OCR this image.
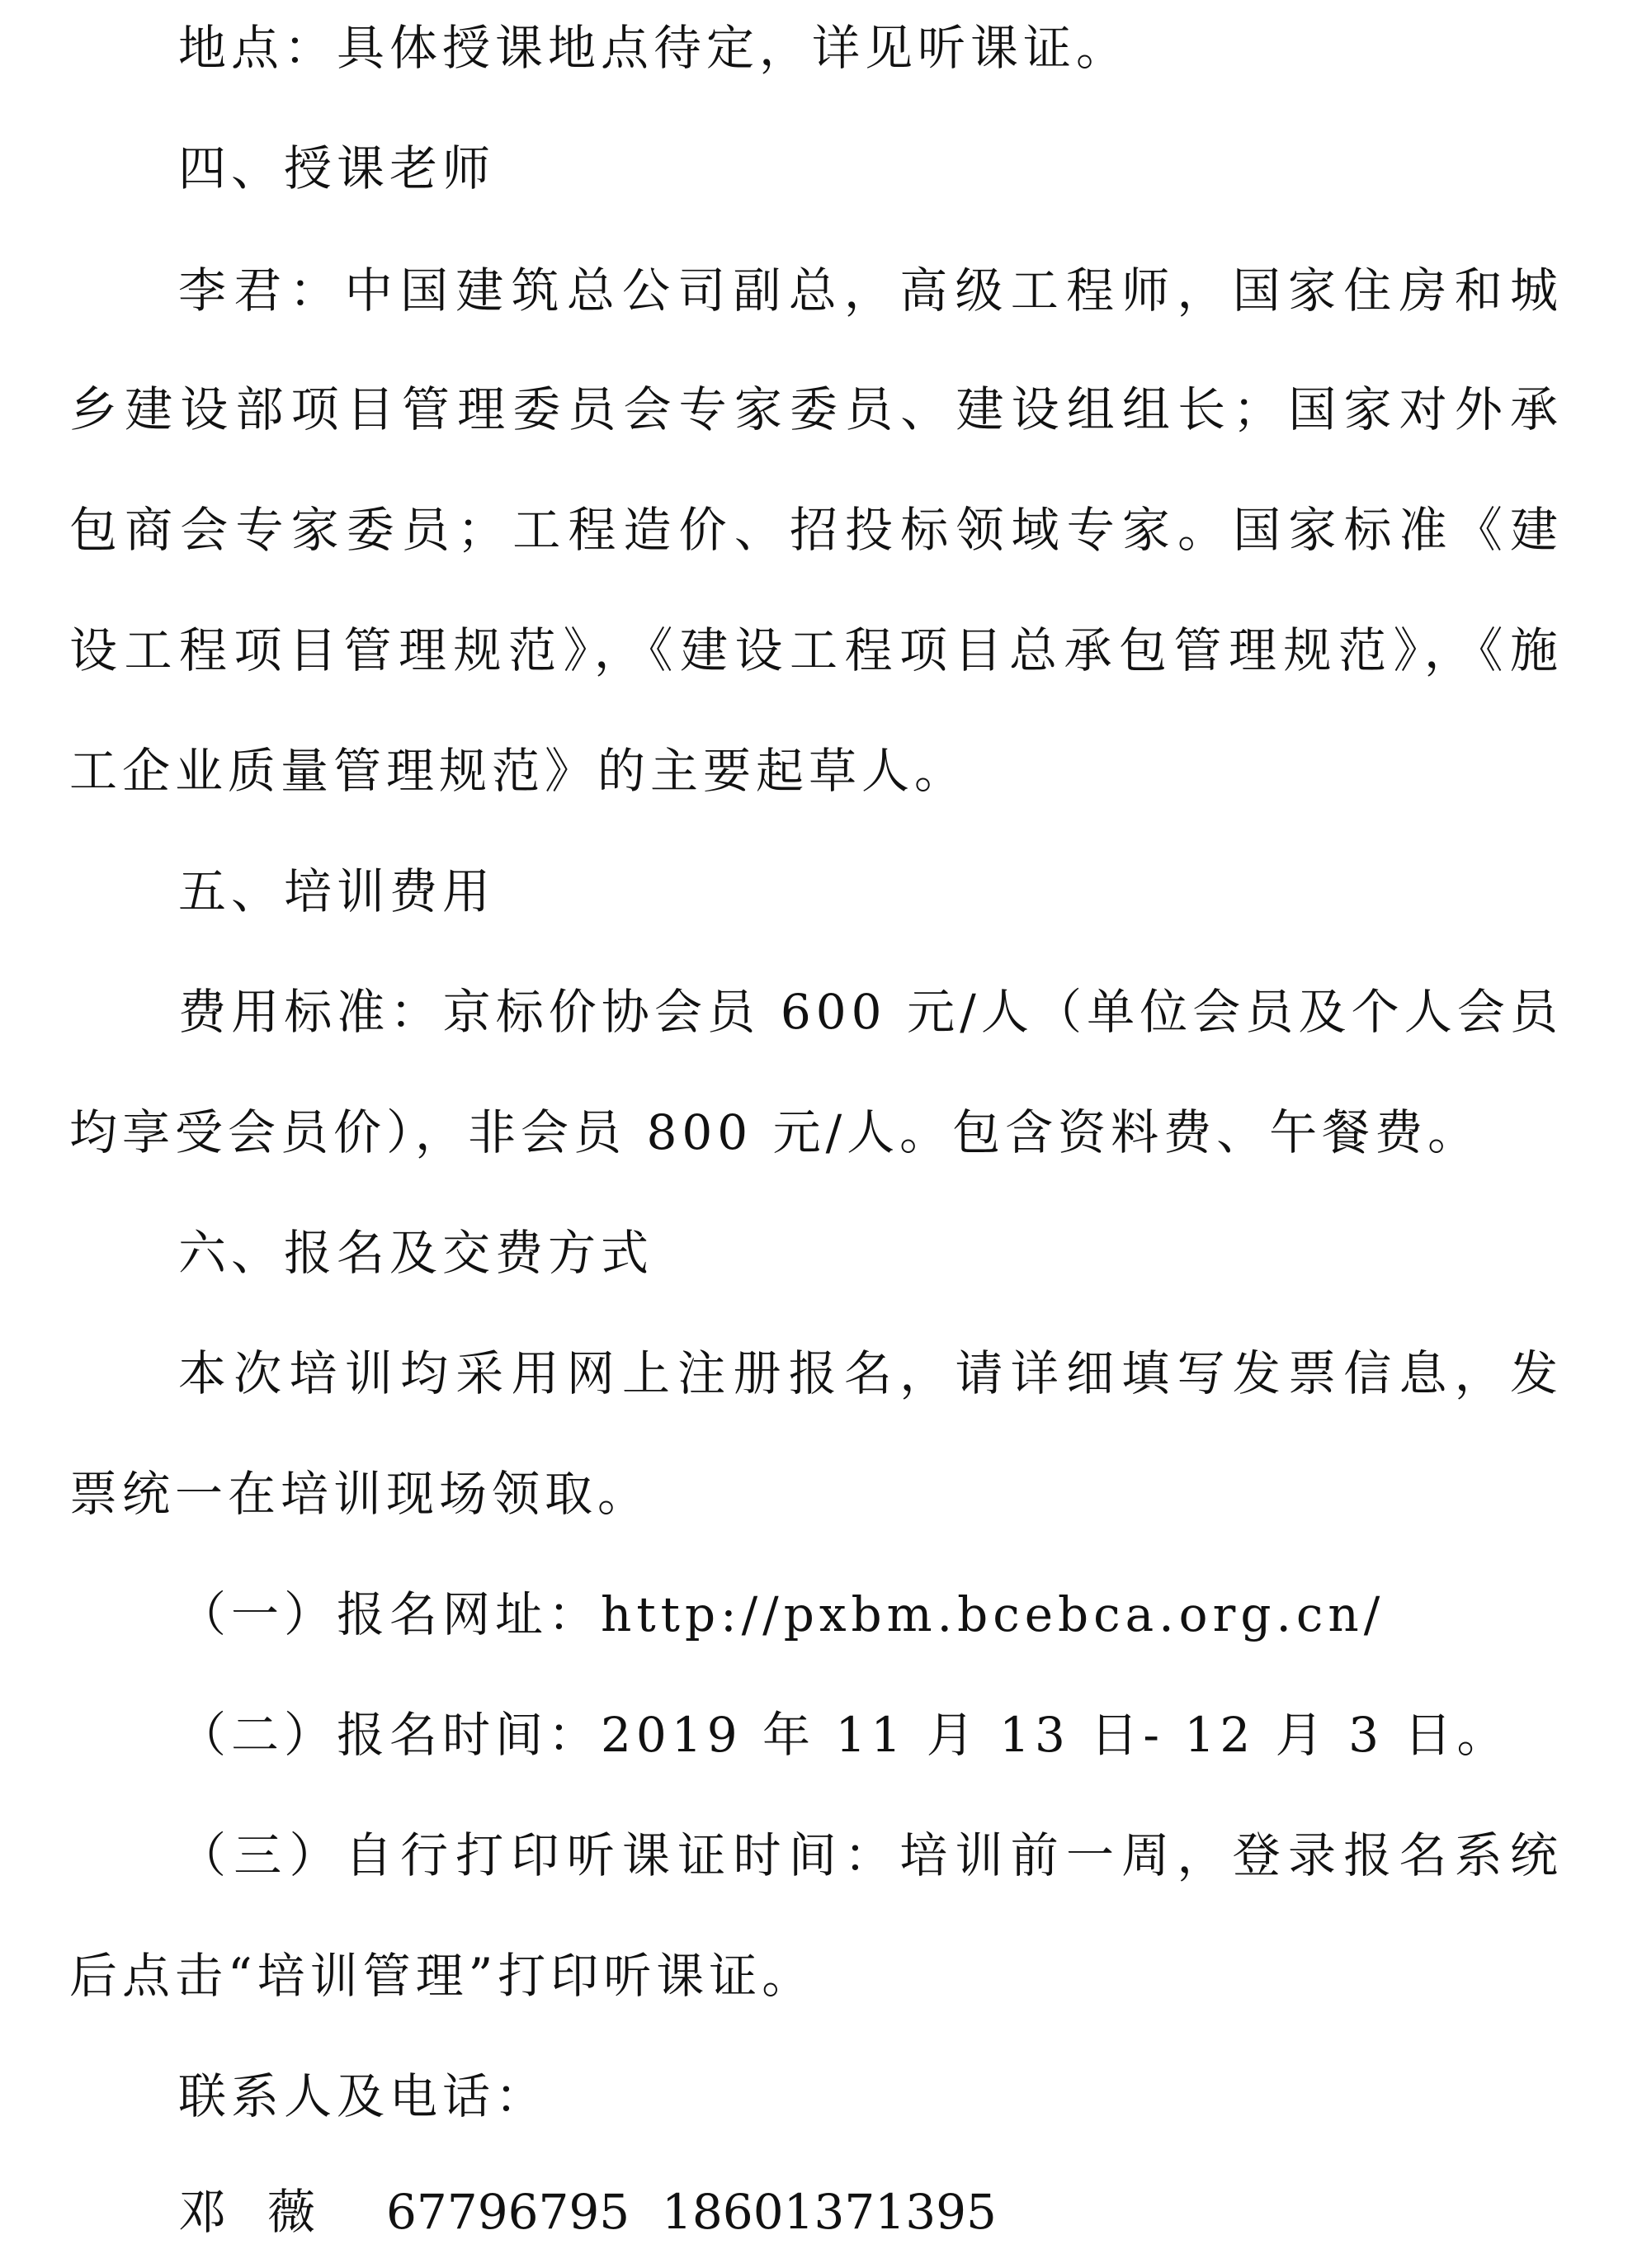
地点：具体授课地点待定，详见听课证。
四、授课老师
李君：中国建筑总公司副总，高级工程师，国家住房和城
乡建设部项目管理委员会专家委员、建设组组长；国家对外承
包商会专家委员；工程造价、招投标领域专家。国家标准《建
设工程项目管理规范》，《建设工程项目总承包管理规范》，《施
工企业质量管理规范》的主要起草人。
五、培训费用
费用标准：京标价协会员 600 元/人（单位会员及个人会员
均享受会员价），非会员 800 元/人。包含资料费、午餐费。
六、报名及交费方式
本次培训均采用网上注册报名，请详细填写发票信息，发
票统一在培训现场领取。
（一）报名网址：http://pxbm.bcebca.org.cn/
（二）报名时间：2019 年 11 月 13 日- 12 月 3 日。
（三）自行打印听课证时间：培训前一周，登录报名系统
后点击“培训管理”打印听课证。
联系人及电话：
邓薇 67796795 18601371395
